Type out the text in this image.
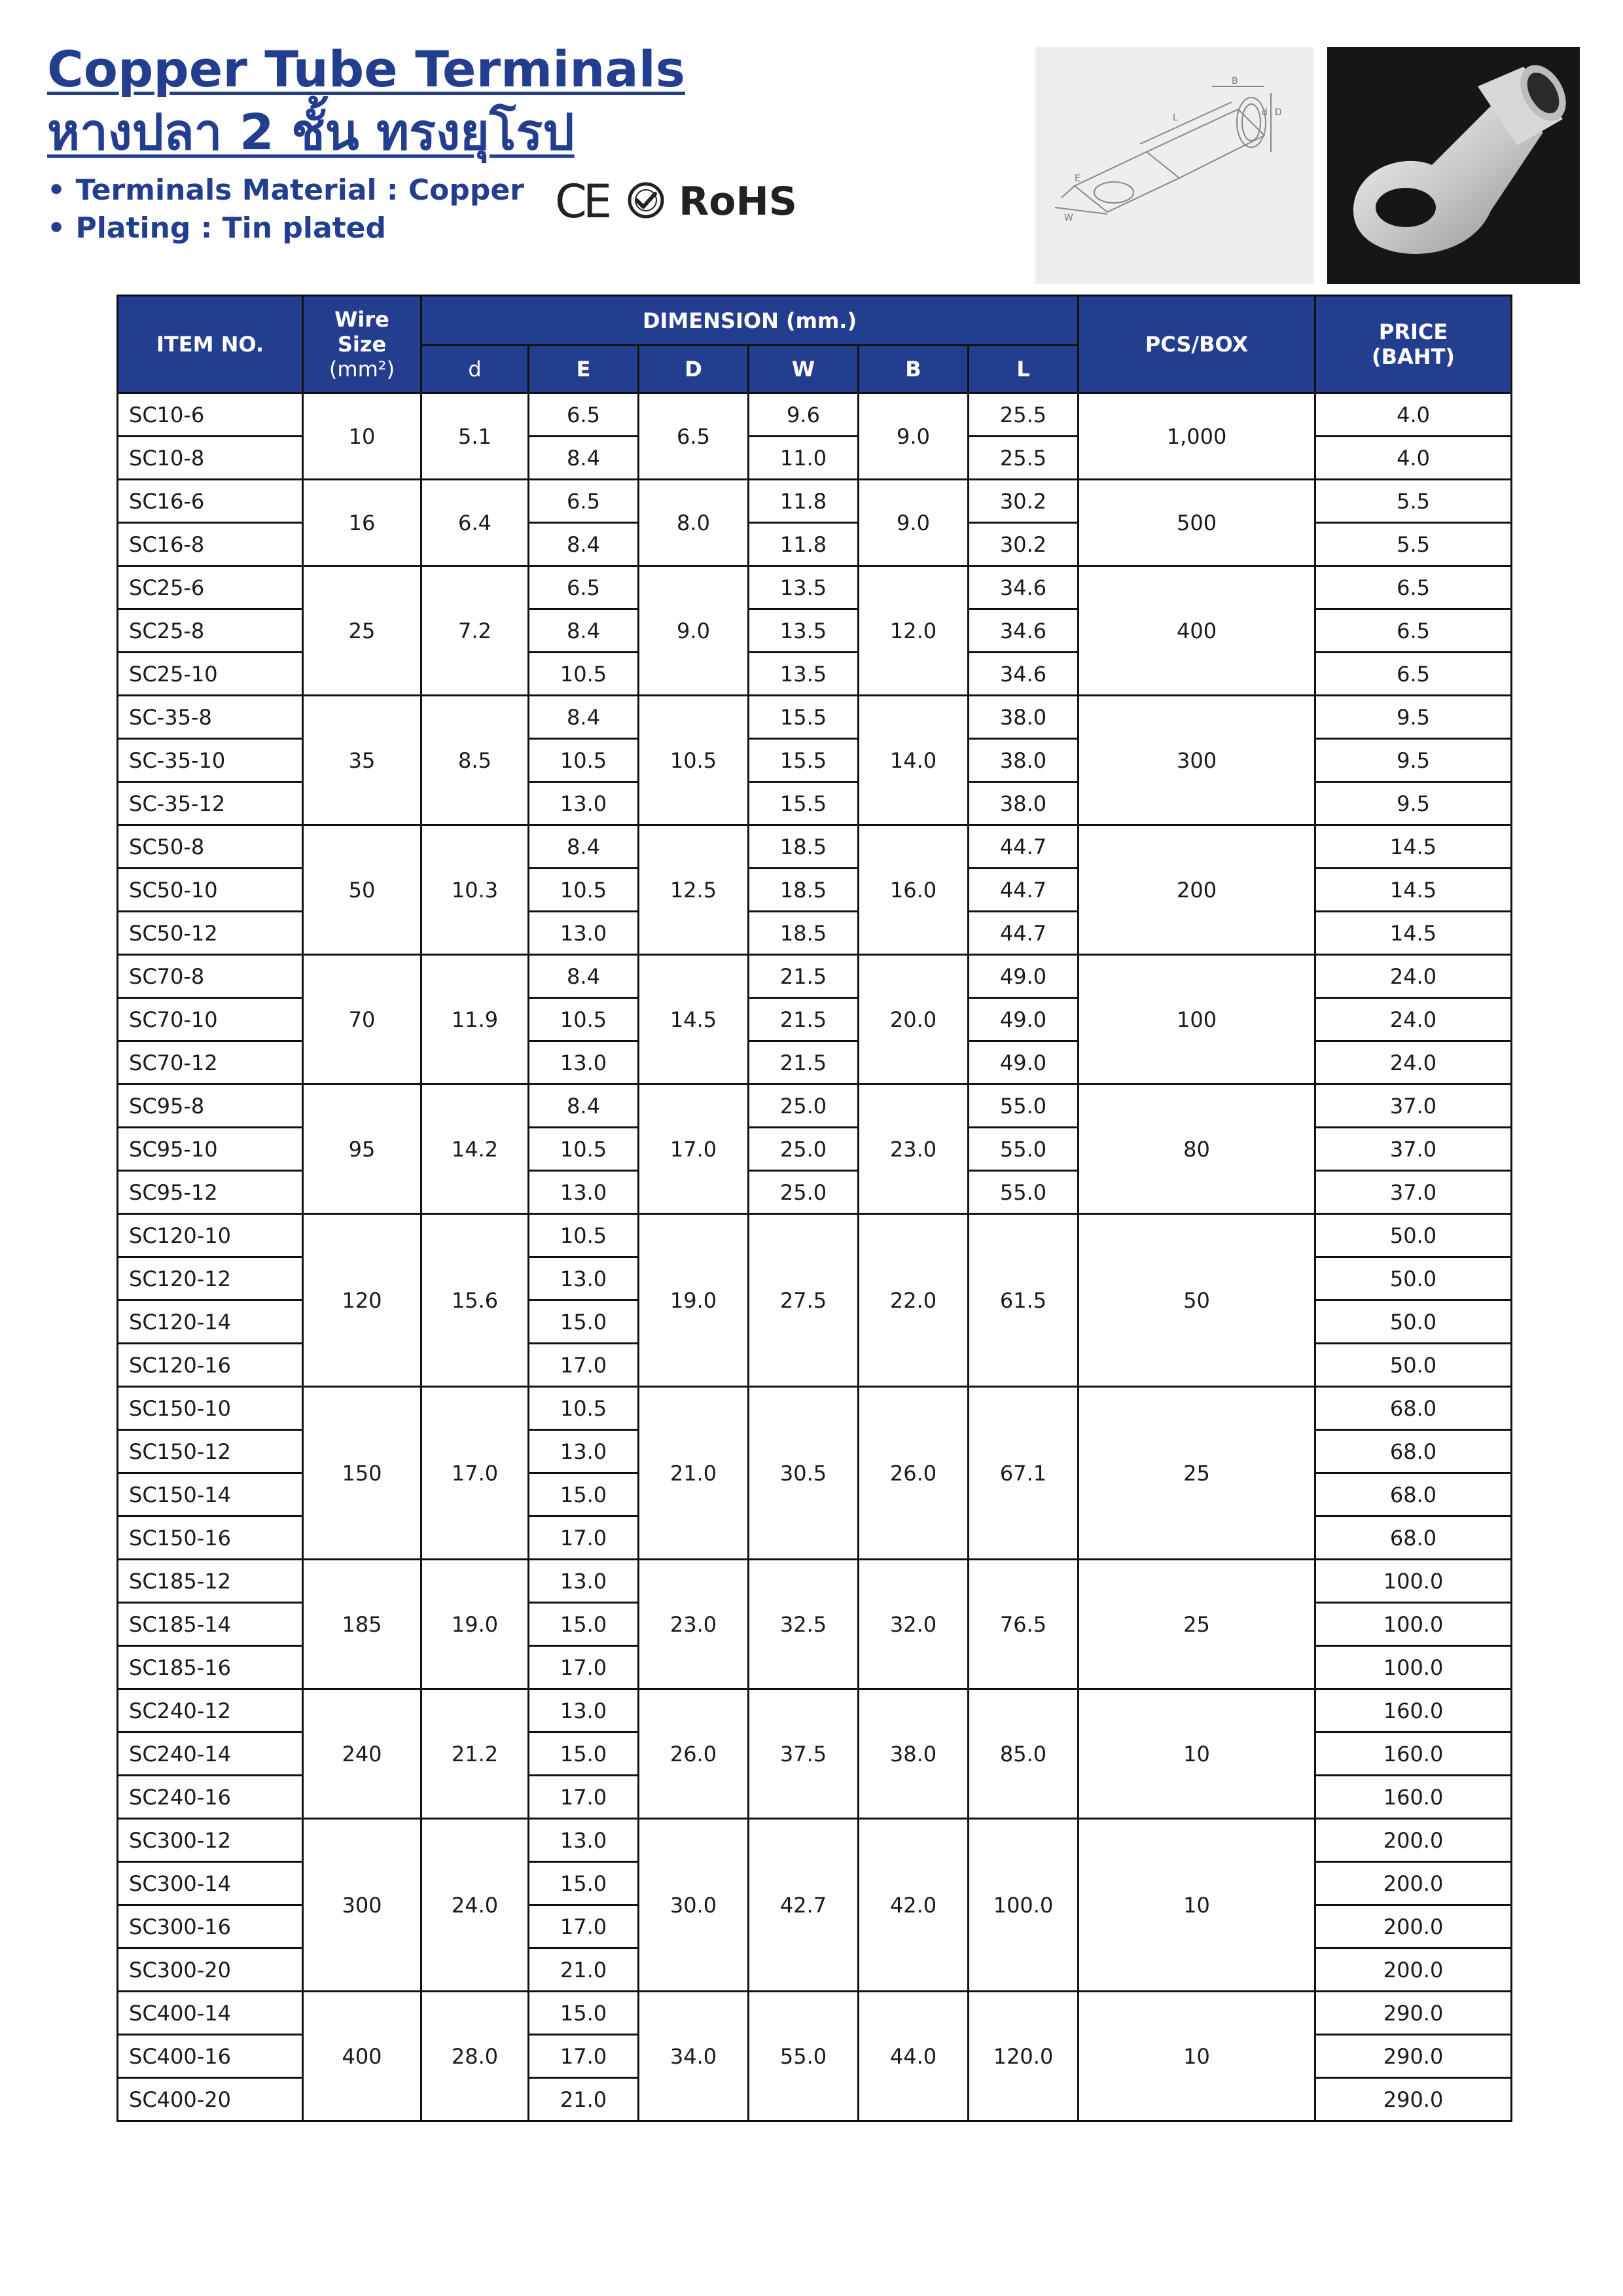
Copper Tube Terminals
หางปลา 2 ชั้น ทรงยุโรป
• Terminals Material : Copper
• Plating : Tin plated	CE RoHS
L
B
d D
E
W
ITEM NO.	Wire
Size
(mm²)	DIMENSION (mm.)						PCS/BOX	PRICE
(BAHT)
		d	E	D	W	B	L		
SC10-6	10	5.1	6.5	6.5	9.6	9.0	25.5	1,000	4.0
SC10-8			8.4		11.0		25.5		4.0
SC16-6	16	6.4	6.5	8.0	11.8	9.0	30.2	500	5.5
SC16-8			8.4		11.8		30.2		5.5
SC25-6	25	7.2	6.5	9.0	13.5	12.0	34.6	400	6.5
SC25-8			8.4		13.5		34.6		6.5
SC25-10			10.5		13.5		34.6		6.5
SC-35-8	35	8.5	8.4	10.5	15.5	14.0	38.0	300	9.5
SC-35-10			10.5		15.5		38.0		9.5
SC-35-12			13.0		15.5		38.0		9.5
SC50-8	50	10.3	8.4	12.5	18.5	16.0	44.7	200	14.5
SC50-10			10.5		18.5		44.7		14.5
SC50-12			13.0		18.5		44.7		14.5
SC70-8	70	11.9	8.4	14.5	21.5	20.0	49.0	100	24.0
SC70-10			10.5		21.5		49.0		24.0
SC70-12			13.0		21.5		49.0		24.0
SC95-8	95	14.2	8.4	17.0	25.0	23.0	55.0	80	37.0
SC95-10			10.5		25.0		55.0		37.0
SC95-12			13.0		25.0		55.0		37.0
SC120-10	120	15.6	10.5	19.0	27.5	22.0	61.5	50	50.0
SC120-12			13.0						50.0
SC120-14			15.0						50.0
SC120-16			17.0						50.0
SC150-10	150	17.0	10.5	21.0	30.5	26.0	67.1	25	68.0
SC150-12			13.0						68.0
SC150-14			15.0						68.0
SC150-16			17.0						68.0
SC185-12	185	19.0	13.0	23.0	32.5	32.0	76.5	25	100.0
SC185-14			15.0						100.0
SC185-16			17.0						100.0
SC240-12	240	21.2	13.0	26.0	37.5	38.0	85.0	10	160.0
SC240-14			15.0						160.0
SC240-16			17.0						160.0
SC300-12	300	24.0	13.0	30.0	42.7	42.0	100.0	10	200.0
SC300-14			15.0						200.0
SC300-16			17.0						200.0
SC300-20			21.0						200.0
SC400-14	400	28.0	15.0	34.0	55.0	44.0	120.0	10	290.0
SC400-16			17.0						290.0
SC400-20			21.0						290.0
